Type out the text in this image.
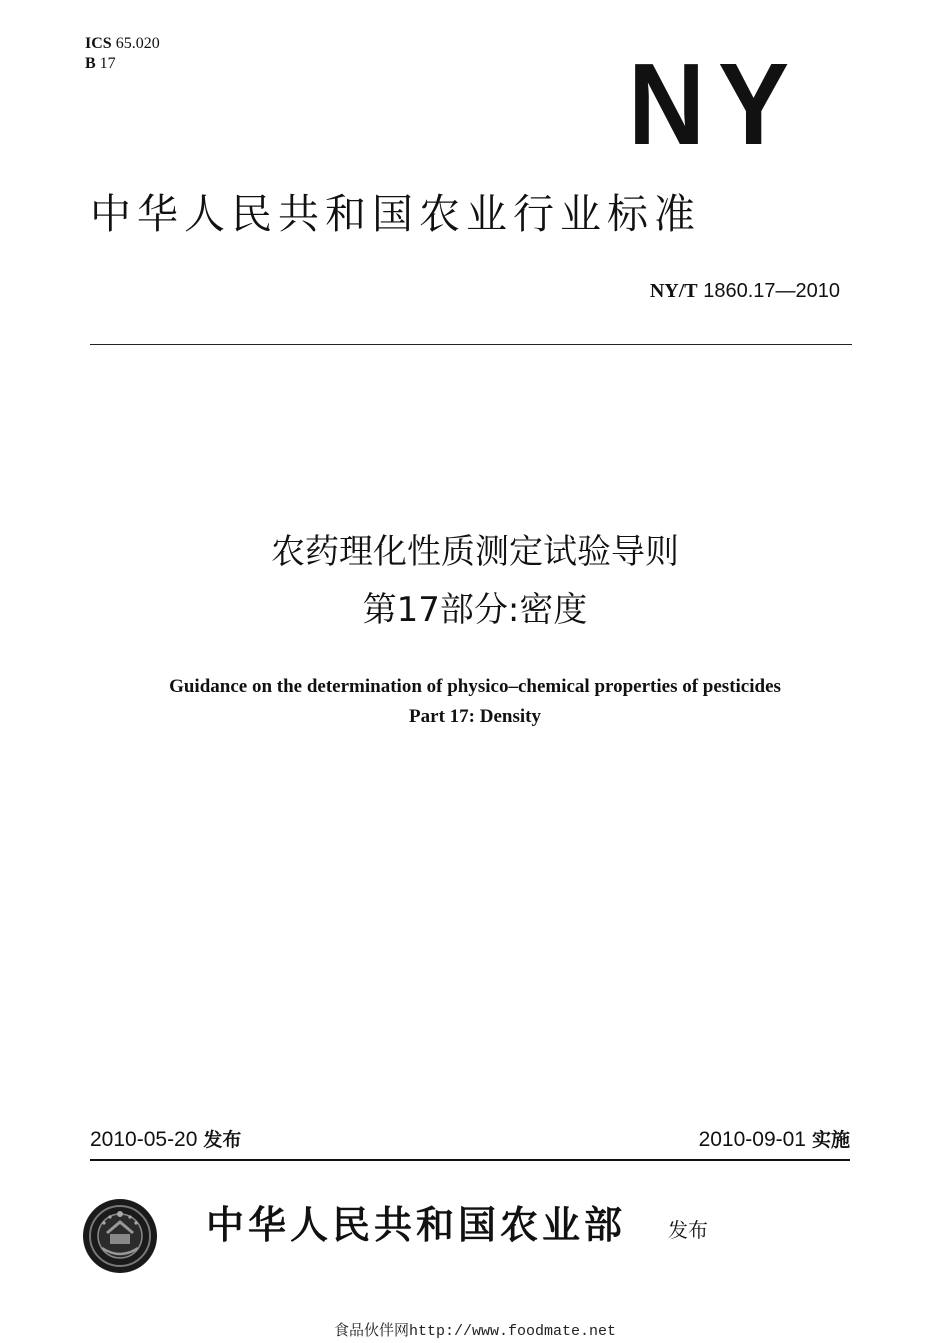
ICS 65.020
B 17	NY
中华人民共和国农业行业标准
NY/T 1860.17—2010
农药理化性质测定试验导则
第17部分:密度
Guidance on the determination of physico–chemical properties of pesticides
Part 17: Density
2010-05-20 发布	2010-09-01 实施
中华人民共和国农业部 发布
食品伙伴网http://www.foodmate.net
